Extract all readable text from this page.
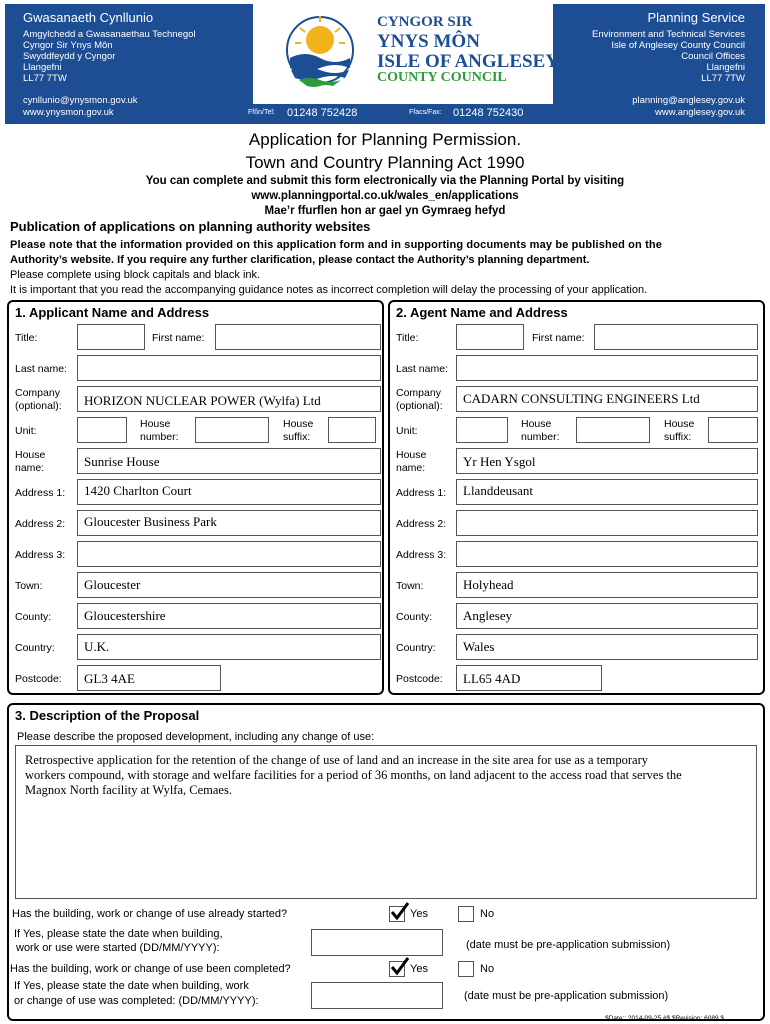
Gwasanaeth Cynllunio
Amgylchedd a Gwasanaethau Technegol
Cyngor Sir Ynys Môn
Swyddfeydd y Cyngor
Llangefni
LL77 7TW
cynllunio@ynysmon.gov.uk
www.ynysmon.gov.uk
Planning Service
Environment and Technical Services
Isle of Anglesey County Council
Council Offices
Llangefni
LL77 7TW
planning@anglesey.gov.uk
www.anglesey.gov.uk
Ffôn/Tel: 01248 752428	Ffacs/Fax: 01248 752430
CYNGOR SIR
YNYS MÔN
ISLE OF ANGLESEY
COUNTY COUNCIL
Application for Planning Permission.
Town and Country Planning Act 1990
You can complete and submit this form electronically via the Planning Portal by visiting
www.planningportal.co.uk/wales_en/applications
Mae’r ffurflen hon ar gael yn Gymraeg hefyd
Publication of applications on planning authority websites
Please note that the information provided on this application form and in supporting documents may be published on the
Authority’s website. If you require any further clarification, please contact the Authority’s planning department.
Please complete using block capitals and black ink.
It is important that you read the accompanying guidance notes as incorrect completion will delay the processing of your application.
1. Applicant Name and Address
Title:	First name:
Last name:
Company
(optional): HORIZON NUCLEAR POWER (Wylfa) Ltd
Unit:
House
number:
House
suffix:
House
name:	Sunrise House
Address 1: 1420 Charlton Court
Address 2: Gloucester Business Park
Address 3:
Town:	Gloucester
County:	Gloucestershire
Country: U.K.
Postcode: GL3 4AE
2. Agent Name and Address
Title:	First name:
Last name:
Company
(optional): CADARN CONSULTING ENGINEERS Ltd
Unit:
House
number:
House
suffix:
House
name:	Yr Hen Ysgol
Address 1: Llanddeusant
Address 2:
Address 3:
Town:	Holyhead
County: Anglesey
Country: Wales
Postcode: LL65 4AD
3. Description of the Proposal
Please describe the proposed development, including any change of use:
Retrospective application for the retention of the change of use of land and an increase in the site area for use as a temporary
workers compound, with storage and welfare facilities for a period of 36 months, on land adjacent to the access road that serves the
Magnox North facility at Wylfa, Cemaes.
Has the building, work or change of use already started?	Yes	No
If Yes, please state the date when building,
work or use were started (DD/MM/YYYY):	(date must be pre-application submission)
Has the building, work or change of use been completed?	Yes	No
If Yes, please state the date when building, work
or change of use was completed: (DD/MM/YYYY):	(date must be pre-application submission)
$Date:: 2014-09-25 #$ $Revision: 6089 $
